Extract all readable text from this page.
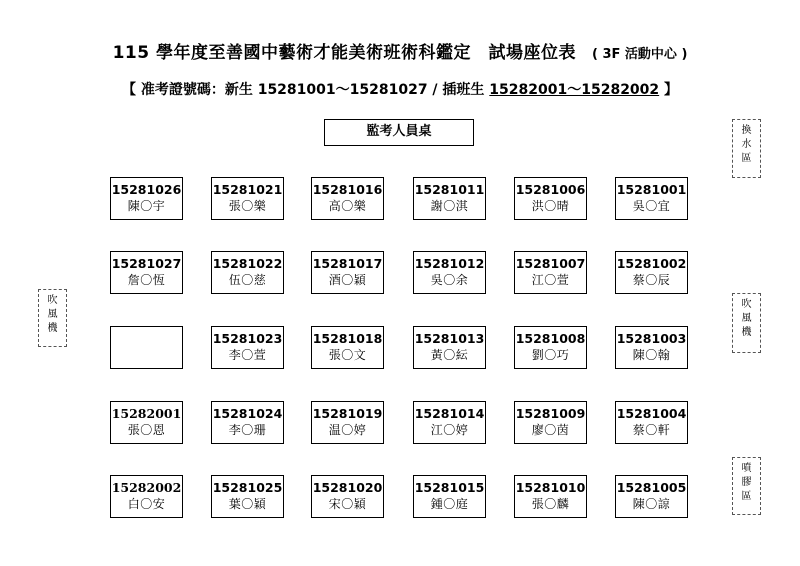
115 學年度至善國中藝術才能美術班術科鑑定　試場座位表 ( 3F 活動中心 )
【 准考證號碼：新生 15281001～15281027 / 插班生 15282001～15282002 】
監考人員桌	換
水
區
吹
風
機
吹
風
機
噴
膠
區
15281026
陳〇宇
15281021
張〇樂
15281016
高〇樂
15281011
謝〇淇
15281006
洪〇晴
15281001
吳〇宜
15281027
詹〇恆
15281022
伍〇慈
15281017
酒〇穎
15281012
吳〇余
15281007
江〇萱
15281002
蔡〇辰
15281023
李〇萱
15281018
張〇文
15281013
黃〇紜
15281008
劉〇巧
15281003
陳〇翰
15282001
張〇恩
15281024
李〇珊
15281019
温〇婷
15281014
江〇婷
15281009
廖〇茵
15281004
蔡〇軒
15282002
白〇安
15281025
葉〇穎
15281020
宋〇穎
15281015
鍾〇庭
15281010
張〇麟
15281005
陳〇諒
